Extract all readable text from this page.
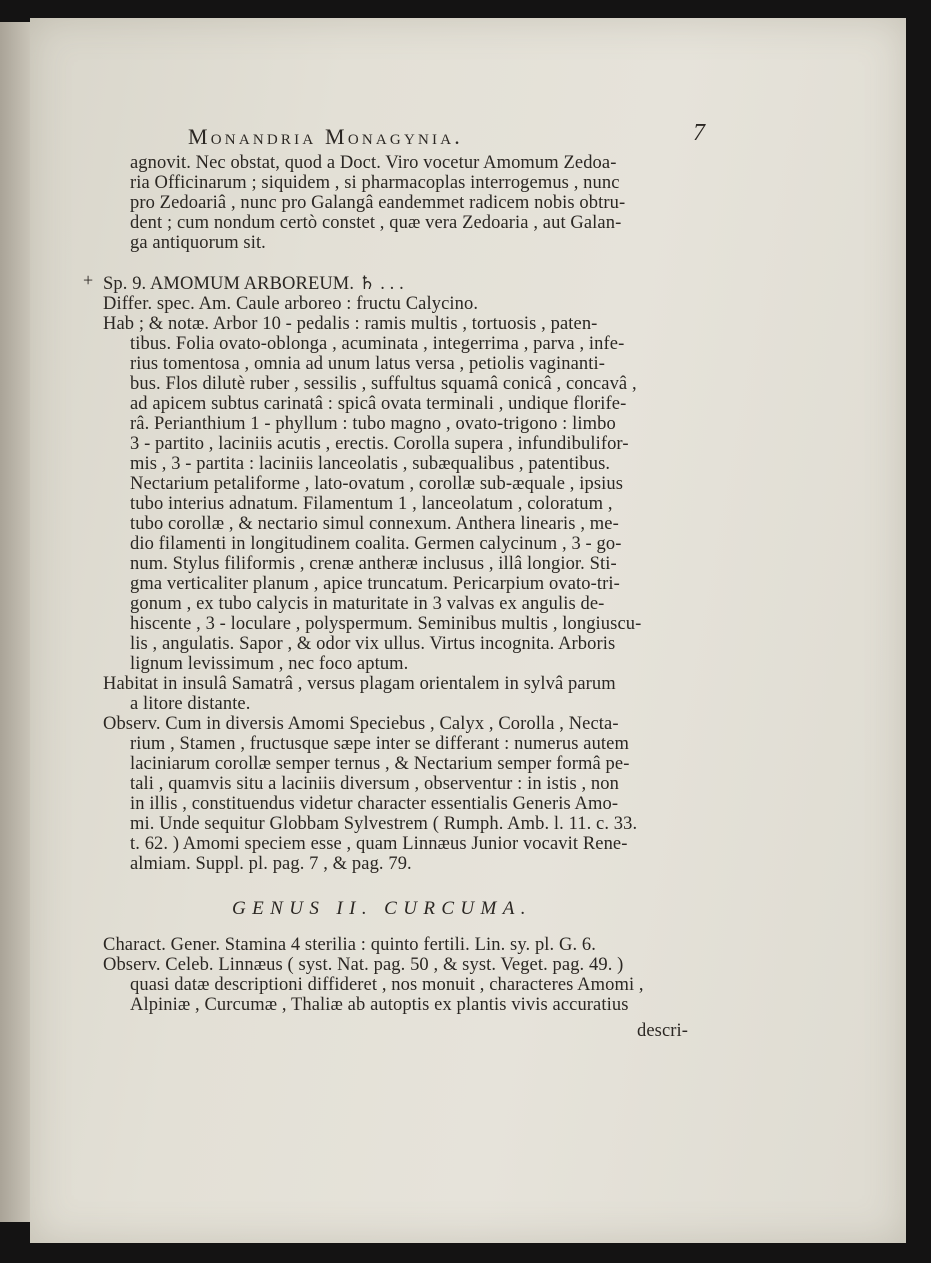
Monandria Monagynia.	7
+
agnovit. Nec obstat, quod a Doct. Viro vocetur Amomum Zedoa-
ria Officinarum ; siquidem , si pharmacoplas interrogemus , nunc
pro Zedoariâ , nunc pro Galangâ eandemmet radicem nobis obtru-
dent ; cum nondum certò constet , quæ vera Zedoaria , aut Galan-
ga antiquorum sit.
Sp. 9. AMOMUM ARBOREUM. ♄ . . .
Differ. spec. Am. Caule arboreo : fructu Calycino.
Hab ; & notæ. Arbor 10 - pedalis : ramis multis , tortuosis , paten-
tibus. Folia ovato-oblonga , acuminata , integerrima , parva , infe-
rius tomentosa , omnia ad unum latus versa , petiolis vaginanti-
bus. Flos dilutè ruber , sessilis , suffultus squamâ conicâ , concavâ ,
ad apicem subtus carinatâ : spicâ ovata terminali , undique florife-
râ. Perianthium 1 - phyllum : tubo magno , ovato-trigono : limbo
3 - partito , laciniis acutis , erectis. Corolla supera , infundibulifor-
mis , 3 - partita : laciniis lanceolatis , subæqualibus , patentibus.
Nectarium petaliforme , lato-ovatum , corollæ sub-æquale , ipsius
tubo interius adnatum. Filamentum 1 , lanceolatum , coloratum ,
tubo corollæ , & nectario simul connexum. Anthera linearis , me-
dio filamenti in longitudinem coalita. Germen calycinum , 3 - go-
num. Stylus filiformis , crenæ antheræ inclusus , illâ longior. Sti-
gma verticaliter planum , apice truncatum. Pericarpium ovato-tri-
gonum , ex tubo calycis in maturitate in 3 valvas ex angulis de-
hiscente , 3 - loculare , polyspermum. Seminibus multis , longiuscu-
lis , angulatis. Sapor , & odor vix ullus. Virtus incognita. Arboris
lignum levissimum , nec foco aptum.
Habitat in insulâ Samatrâ , versus plagam orientalem in sylvâ parum
a litore distante.
Observ. Cum in diversis Amomi Speciebus , Calyx , Corolla , Necta-
rium , Stamen , fructusque sæpe inter se differant : numerus autem
laciniarum corollæ semper ternus , & Nectarium semper formâ pe-
tali , quamvis situ a laciniis diversum , observentur : in istis , non
in illis , constituendus videtur character essentialis Generis Amo-
mi. Unde sequitur Globbam Sylvestrem ( Rumph. Amb. l. 11. c. 33.
t. 62. ) Amomi speciem esse , quam Linnæus Junior vocavit Rene-
almiam. Suppl. pl. pag. 7 , & pag. 79.
Charact. Gener. Stamina 4 sterilia : quinto fertili. Lin. sy. pl. G. 6.
Observ. Celeb. Linnæus ( syst. Nat. pag. 50 , & syst. Veget. pag. 49. )
quasi datæ descriptioni diffideret , nos monuit , characteres Amomi ,
Alpiniæ , Curcumæ , Thaliæ ab autoptis ex plantis vivis accuratius
GENUS II. CURCUMA.
descri-
